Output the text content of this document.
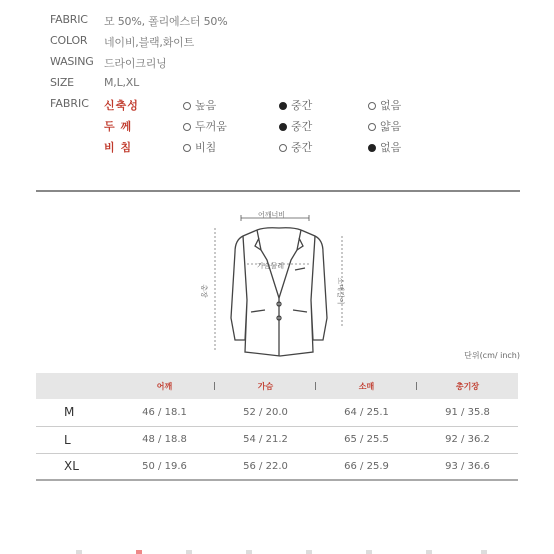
FABRIC	모 50%, 폴리에스터 50%
COLOR	네이비,블랙,화이트
WASING 드라이크리닝
SIZE	M,L,XL
FABRIC 신축성	높음	중간	없음
두 께	두꺼움	중간	얇음
비 침	비침	중간	없음
어깨너비
가슴둘레
총장	소매길이
단위(cm/ inch)
	어깨	가슴	소매	총기장
M	46 / 18.1	52 / 20.0	64 / 25.1	91 / 35.8
L	48 / 18.8	54 / 21.2	65 / 25.5	92 / 36.2
XL	50 / 19.6	56 / 22.0	66 / 25.9	93 / 36.6
